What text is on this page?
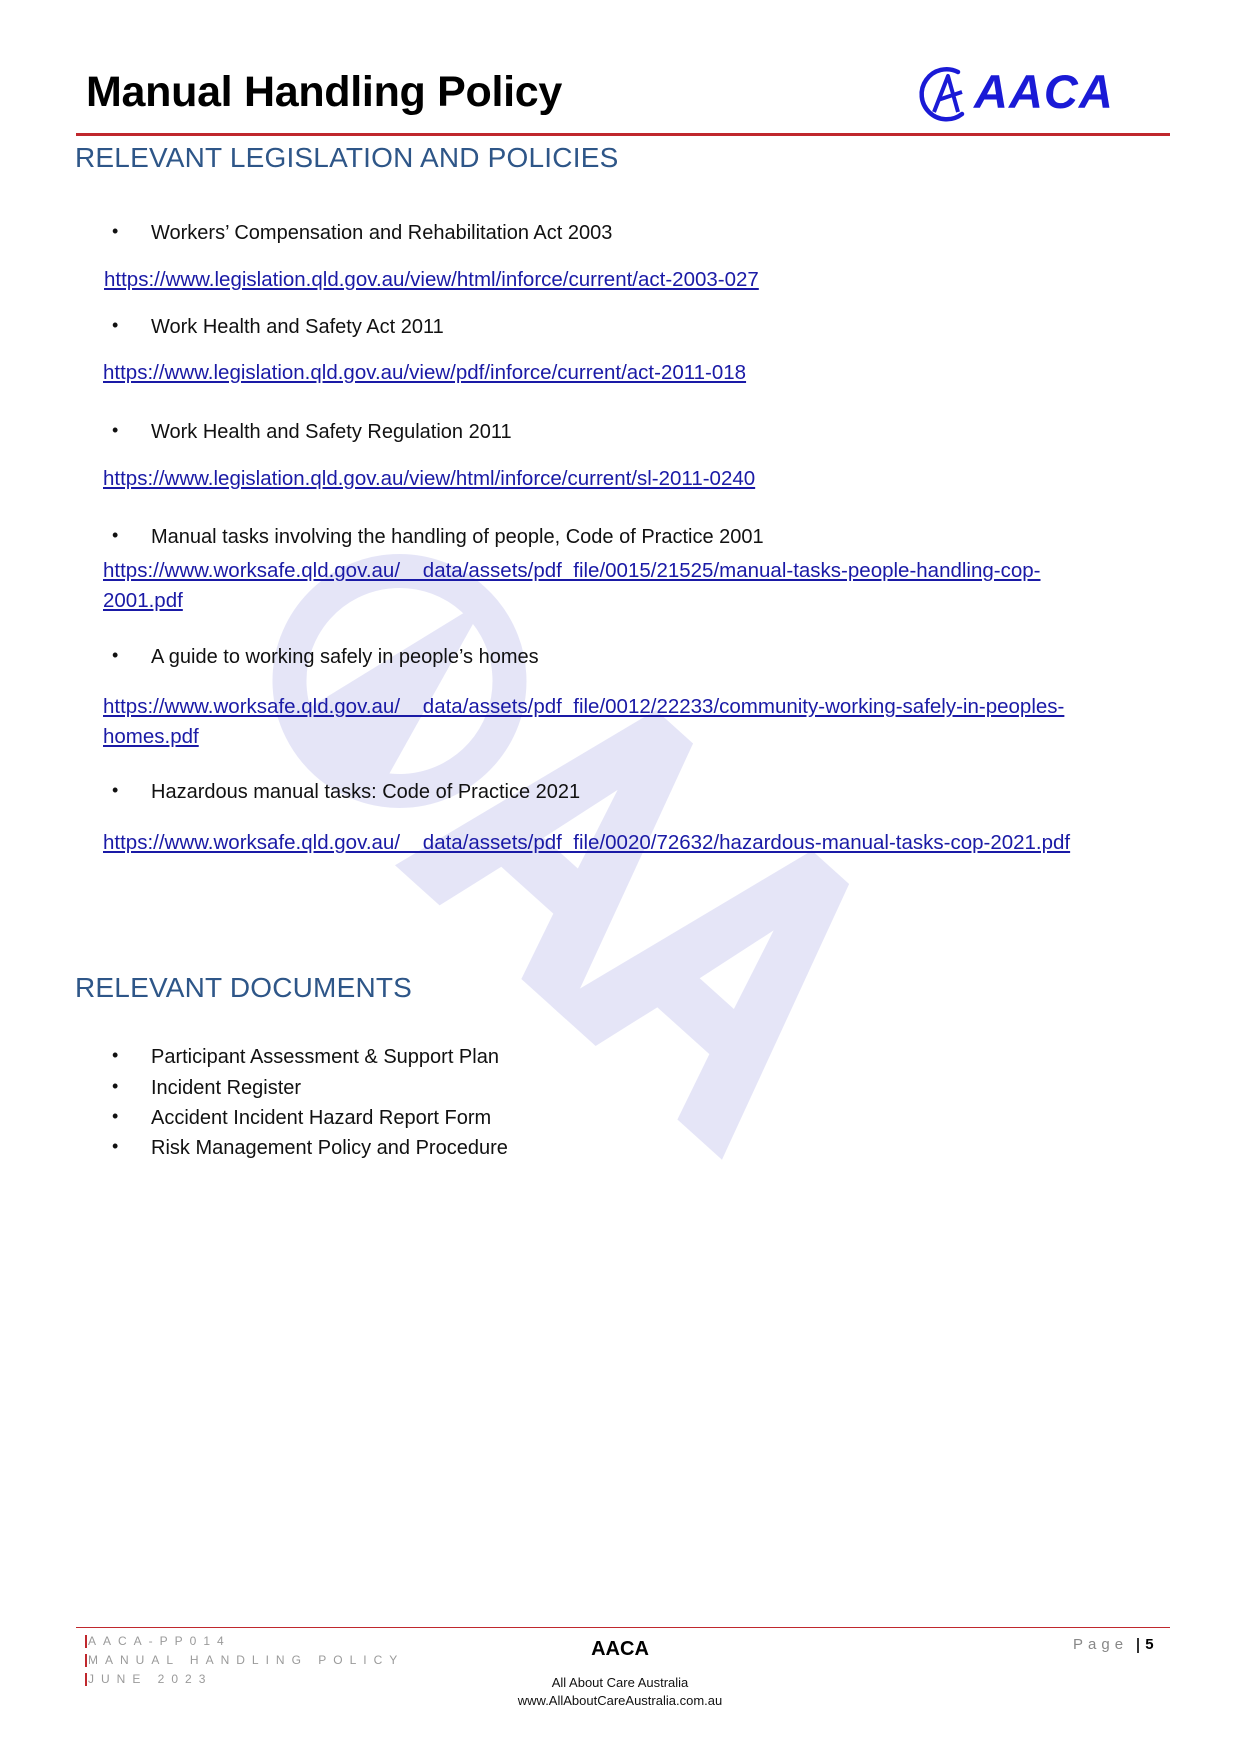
Manual Handling Policy	AACA
RELEVANT LEGISLATION AND POLICIES
• Workers’ Compensation and Rehabilitation Act 2003
https://www.legislation.qld.gov.au/view/html/inforce/current/act-2003-027
• Work Health and Safety Act 2011
https://www.legislation.qld.gov.au/view/pdf/inforce/current/act-2011-018
• Work Health and Safety Regulation 2011
https://www.legislation.qld.gov.au/view/html/inforce/current/sl-2011-0240
• Manual tasks involving the handling of people, Code of Practice 2001
https://www.worksafe.qld.gov.au/__data/assets/pdf_file/0015/21525/manual-tasks-people-handling-cop-
2001.pdf
• A guide to working safely in people’s homes
https://www.worksafe.qld.gov.au/__data/assets/pdf_file/0012/22233/community-working-safely-in-peoples-
homes.pdf
• Hazardous manual tasks: Code of Practice 2021
https://www.worksafe.qld.gov.au/__data/assets/pdf_file/0020/72632/hazardous-manual-tasks-cop-2021.pdf
RELEVANT DOCUMENTS
• Participant Assessment & Support Plan
• Incident Register
• Accident Incident Hazard Report Form
• Risk Management Policy and Procedure
AACA-PP014
MANUAL HANDLING POLICY
JUNE 2023
AACA
All About Care Australia
www.AllAboutCareAustralia.com.au
Page 5
